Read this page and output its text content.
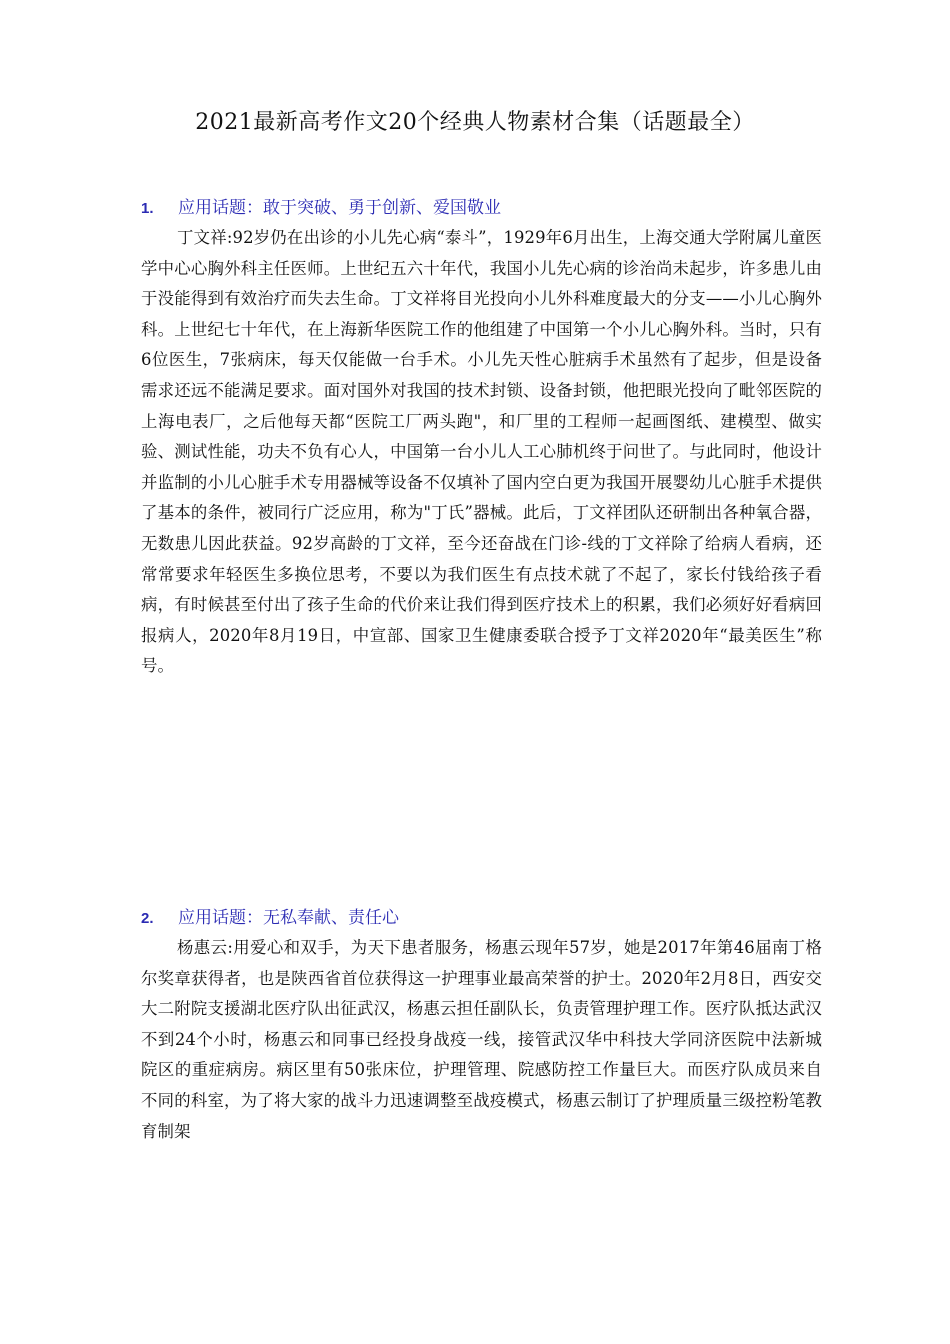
2021最新高考作文20个经典人物素材合集（话题最全）
1. 应用话题：敢于突破、勇于创新、爱国敬业

丁文祥:92岁仍在出诊的小儿先心病“泰斗”，1929年6月出生，上海交通大学附属儿童医学中心心胸外科主任医师。上世纪五六十年代，我国小儿先心病的诊治尚未起步，许多患儿由于没能得到有效治疗而失去生命。丁文祥将目光投向小儿外科难度最大的分支——小儿心胸外科。上世纪七十年代，在上海新华医院工作的他组建了中国第一个小儿心胸外科。当时，只有6位医生，7张病床，每天仅能做一台手术。小儿先天性心脏病手术虽然有了起步，但是设备需求还远不能满足要求。面对国外对我国的技术封锁、设备封锁，他把眼光投向了毗邻医院的上海电表厂，之后他每天都“医院工厂两头跑"，和厂里的工程师一起画图纸、建模型、做实验、测试性能，功夫不负有心人，中国第一台小儿人工心肺机终于问世了。与此同时，他设计并监制的小儿心脏手术专用器械等设备不仅填补了国内空白更为我国开展婴幼儿心脏手术提供了基本的条件，被同行广泛应用，称为"丁氏”器械。此后，丁文祥团队还研制出各种氧合器，无数患儿因此获益。92岁高龄的丁文祥，至今还奋战在门诊-线的丁文祥除了给病人看病，还常常要求年轻医生多换位思考，不要以为我们医生有点技术就了不起了，家长付钱给孩子看病，有时候甚至付出了孩子生命的代价来让我们得到医疗技术上的积累，我们必须好好看病回报病人，2020年8月19日，中宣部、国家卫生健康委联合授予丁文祥2020年“最美医生”称号。

2. 应用话题：无私奉献、责任心

杨惠云:用爱心和双手，为天下患者服务，杨惠云现年57岁，她是2017年第46届南丁格尔奖章获得者，也是陕西省首位获得这一护理事业最高荣誉的护士。2020年2月8日，西安交大二附院支援湖北医疗队出征武汉，杨惠云担任副队长，负责管理护理工作。医疗队抵达武汉不到24个小时，杨惠云和同事已经投身战疫一线，接管武汉华中科技大学同济医院中法新城院区的重症病房。病区里有50张床位，护理管理、院感防控工作量巨大。而医疗队成员来自不同的科室，为了将大家的战斗力迅速调整至战疫模式，杨惠云制订了护理质量三级控粉笔教育制架
